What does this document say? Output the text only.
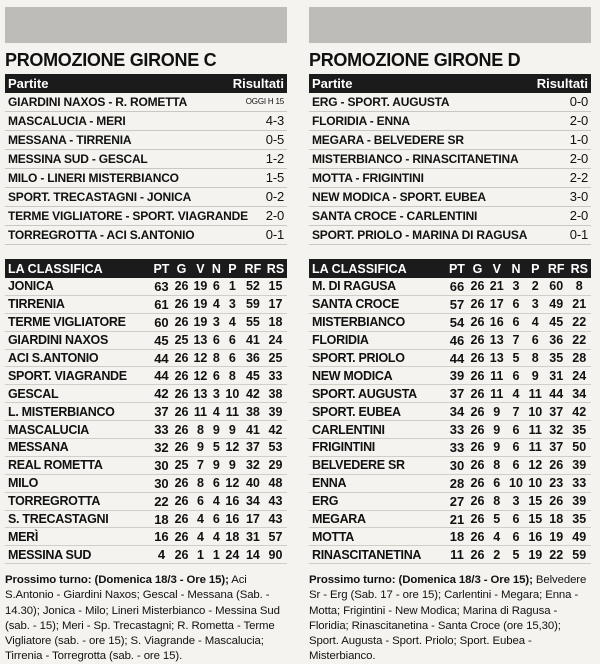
PROMOZIONE GIRONE C
Partite	Risultati
GIARDINI NAXOS - R. ROMETTA	OGGI H 15
MASCALUCIA - MERI	4-3
MESSANA - TIRRENIA	0-5
MESSINA SUD - GESCAL	1-2
MILO - LINERI MISTERBIANCO	1-5
SPORT. TRECASTAGNI - JONICA	0-2
TERME VIGLIATORE - SPORT. VIAGRANDE 2-0
TORREGROTTA - ACI S.ANTONIO	0-1
LA CLASSIFICA	PT	G	V	N	P	RF	RS
JONICA	63	26	19	6	1	52	15
TIRRENIA	61	26	19	4	3	59	17
TERME VIGLIATORE	60	26	19	3	4	55	18
GIARDINI NAXOS	45	25	13	6	6	41	24
ACI S.ANTONIO	44	26	12	8	6	36	25
SPORT. VIAGRANDE	44	26	12	6	8	45	33
GESCAL	42	26	13	3	10	42	38
L. MISTERBIANCO	37	26	11	4	11	38	39
MASCALUCIA	33	26	8	9	9	41	42
MESSANA	32	26	9	5	12	37	53
REAL ROMETTA	30	25	7	9	9	32	29
MILO	30	26	8	6	12	40	48
TORREGROTTA	22	26	6	4	16	34	43
S. TRECASTAGNI	18	26	4	6	16	17	43
MERÌ	16	26	4	4	18	31	57
MESSINA SUD	4	26	1	1	24	14	90
Prossimo turno: (Domenica 18/3 - Ore 15); Aci S.Antonio - Giardini Naxos; Gescal - Messana (Sab. - 14.30); Jonica - Milo; Lineri Misterbianco - Messina Sud (sab. - 15); Meri - Sp. Trecastagni; R. Rometta - Terme Vigliatore (sab. - ore 15); S. Viagrande - Mascalucia; Tirrenia - Torregrotta (sab. - ore 15).
PROMOZIONE GIRONE D
Partite	Risultati
ERG - SPORT. AUGUSTA	0-0
FLORIDIA - ENNA	2-0
MEGARA - BELVEDERE SR	1-0
MISTERBIANCO - RINASCITANETINA	2-0
MOTTA - FRIGINTINI	2-2
NEW MODICA - SPORT. EUBEA	3-0
SANTA CROCE - CARLENTINI	2-0
SPORT. PRIOLO - MARINA DI RAGUSA	0-1
LA CLASSIFICA	PT	G	V	N	P	RF	RS
M. DI RAGUSA	66	26	21	3	2	60	8
SANTA CROCE	57	26	17	6	3	49	21
MISTERBIANCO	54	26	16	6	4	45	22
FLORIDIA	46	26	13	7	6	36	22
SPORT. PRIOLO	44	26	13	5	8	35	28
NEW MODICA	39	26	11	6	9	31	24
SPORT. AUGUSTA	37	26	11	4	11	44	34
SPORT. EUBEA	34	26	9	7	10	37	42
CARLENTINI	33	26	9	6	11	32	35
FRIGINTINI	33	26	9	6	11	37	50
BELVEDERE SR	30	26	8	6	12	26	39
ENNA	28	26	6	10	10	23	33
ERG	27	26	8	3	15	26	39
MEGARA	21	26	5	6	15	18	35
MOTTA	18	26	4	6	16	19	49
RINASCITANETINA	11	26	2	5	19	22	59
Prossimo turno: (Domenica 18/3 - Ore 15); Belvedere Sr - Erg (Sab. 17 - ore 15); Carlentini - Megara; Enna - Motta; Frigintini - New Modica; Marina di Ragusa - Floridia; Rinascitanetina - Santa Croce (ore 15,30); Sport. Augusta - Sport. Priolo; Sport. Eubea - Misterbianco.
